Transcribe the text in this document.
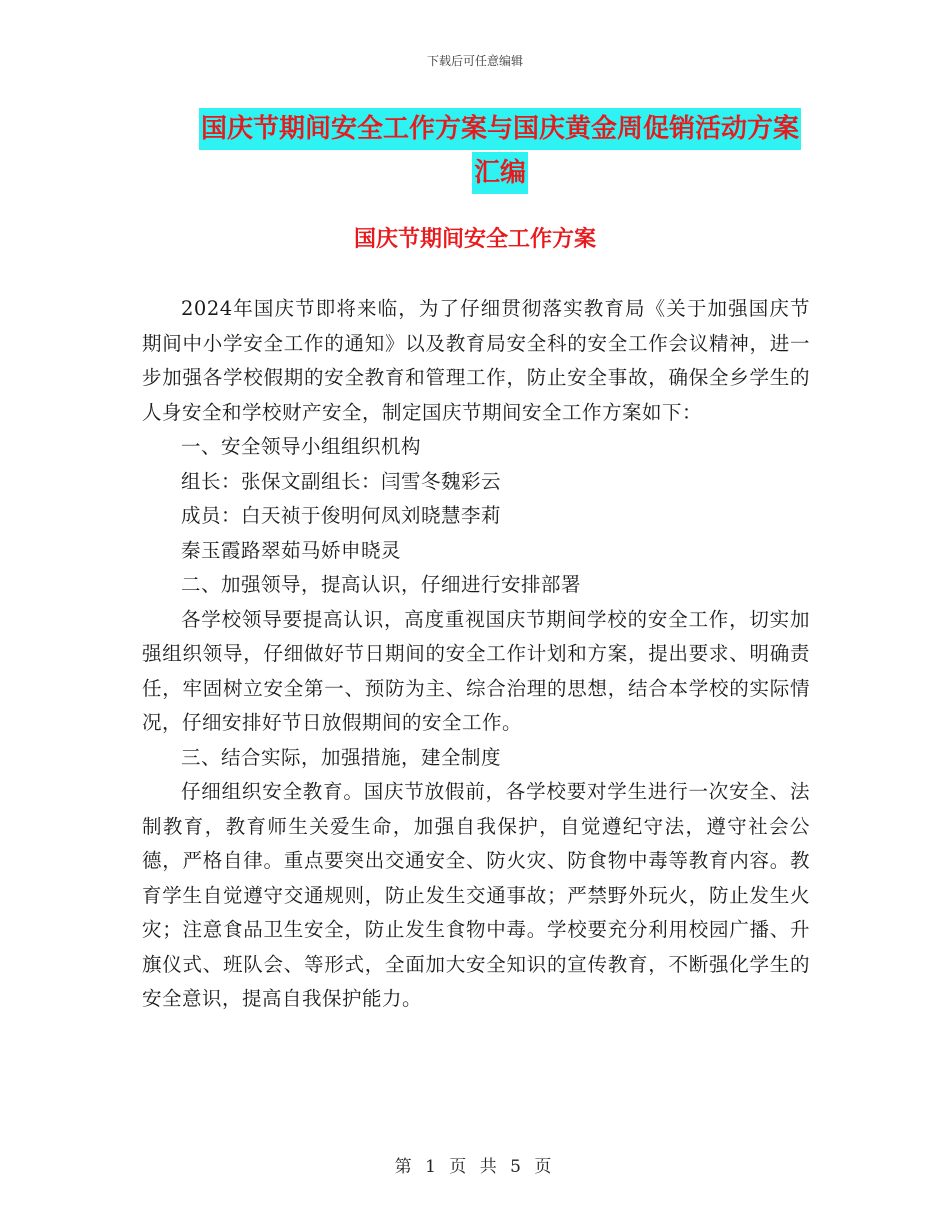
下载后可任意编辑
国庆节期间安全工作方案与国庆黄金周促销活动方案
汇编
国庆节期间安全工作方案

2024年国庆节即将来临，为了仔细贯彻落实教育局《关于加强国庆节期间中小学安全工作的通知》以及教育局安全科的安全工作会议精神，进一步加强各学校假期的安全教育和管理工作，防止安全事故，确保全乡学生的人身安全和学校财产安全，制定国庆节期间安全工作方案如下：

一、安全领导小组组织机构

组长：张保文副组长：闫雪冬魏彩云

成员：白天祯于俊明何凤刘晓慧李莉

秦玉霞路翠茹马娇申晓灵

二、加强领导，提高认识，仔细进行安排部署

各学校领导要提高认识，高度重视国庆节期间学校的安全工作，切实加强组织领导，仔细做好节日期间的安全工作计划和方案，提出要求、明确责任，牢固树立安全第一、预防为主、综合治理的思想，结合本学校的实际情况，仔细安排好节日放假期间的安全工作。

三、结合实际，加强措施，建全制度

仔细组织安全教育。国庆节放假前，各学校要对学生进行一次安全、法制教育，教育师生关爱生命，加强自我保护，自觉遵纪守法，遵守社会公德，严格自律。重点要突出交通安全、防火灾、防食物中毒等教育内容。教育学生自觉遵守交通规则，防止发生交通事故；严禁野外玩火，防止发生火灾；注意食品卫生安全，防止发生食物中毒。学校要充分利用校园广播、升旗仪式、班队会、等形式，全面加大安全知识的宣传教育，不断强化学生的安全意识，提高自我保护能力。

第 1 页 共 5 页
